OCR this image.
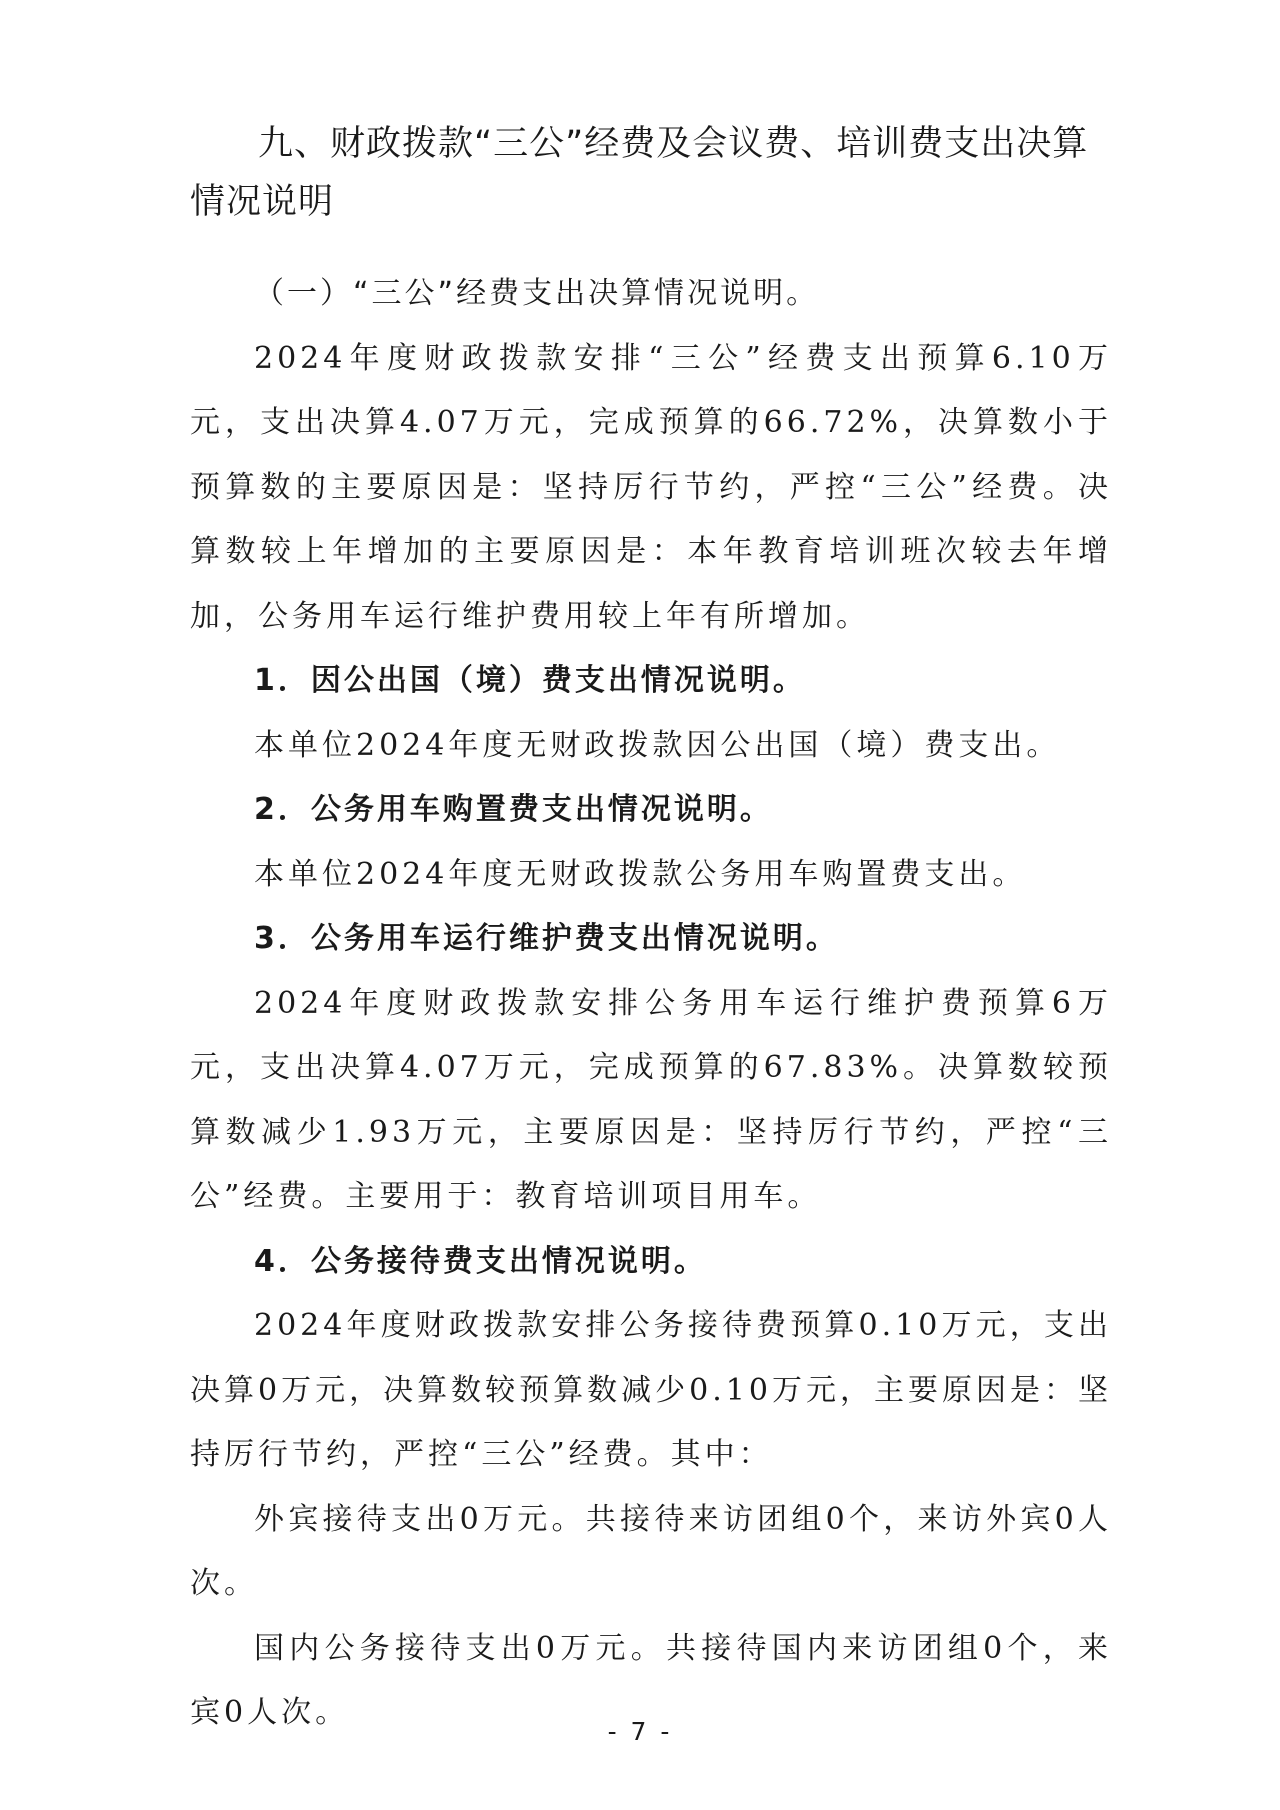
九、财政拨款“三公”经费及会议费、培训费支出决算情况说明

（一）“三公”经费支出决算情况说明。

2024年度财政拨款安排“三公”经费支出预算6.10万元，支出决算4.07万元，完成预算的66.72%，决算数小于预算数的主要原因是：坚持厉行节约，严控“三公”经费。决算数较上年增加的主要原因是：本年教育培训班次较去年增加，公务用车运行维护费用较上年有所增加。

1．因公出国（境）费支出情况说明。

本单位2024年度无财政拨款因公出国（境）费支出。

2．公务用车购置费支出情况说明。

本单位2024年度无财政拨款公务用车购置费支出。

3．公务用车运行维护费支出情况说明。

2024年度财政拨款安排公务用车运行维护费预算6万元，支出决算4.07万元，完成预算的67.83%。决算数较预算数减少1.93万元，主要原因是：坚持厉行节约，严控“三公”经费。主要用于：教育培训项目用车。

4．公务接待费支出情况说明。

2024年度财政拨款安排公务接待费预算0.10万元，支出决算0万元，决算数较预算数减少0.10万元，主要原因是：坚持厉行节约，严控“三公”经费。其中：

外宾接待支出0万元。共接待来访团组0个，来访外宾0人次。

国内公务接待支出0万元。共接待国内来访团组0个，来宾0人次。

- 7 -
